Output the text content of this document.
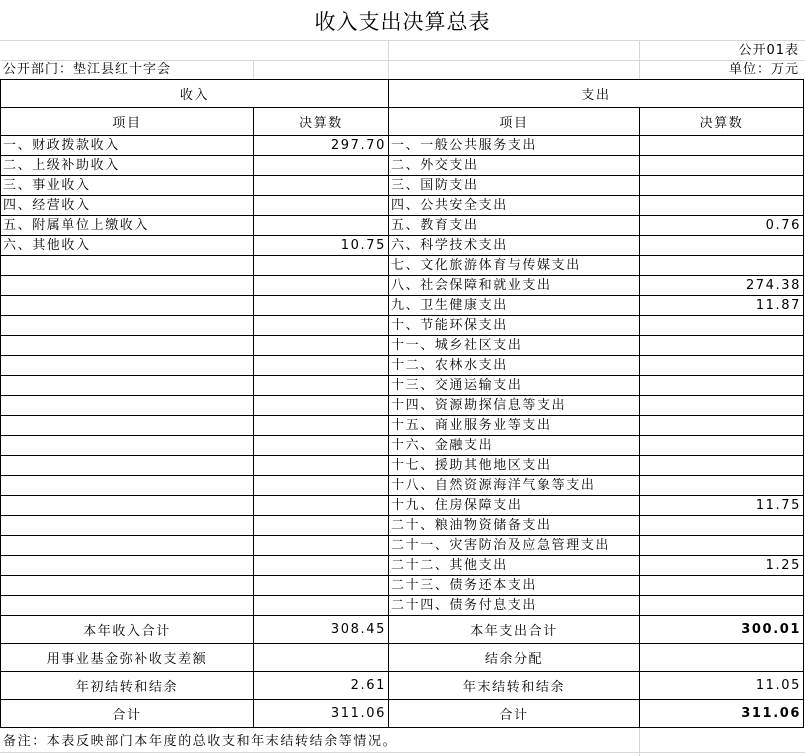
收入支出决算总表
公开01表
公开部门：垫江县红十字会	单位：万元
收入		支出	
项目	决算数	项目	决算数
一、财政拨款收入	297.70	一、一般公共服务支出	
二、上级补助收入		二、外交支出	
三、事业收入		三、国防支出	
四、经营收入		四、公共安全支出	
五、附属单位上缴收入		五、教育支出	0.76
六、其他收入	10.75	六、科学技术支出	
		七、文化旅游体育与传媒支出	
		八、社会保障和就业支出	274.38
		九、卫生健康支出	11.87
		十、节能环保支出	
		十一、城乡社区支出	
		十二、农林水支出	
		十三、交通运输支出	
		十四、资源勘探信息等支出	
		十五、商业服务业等支出	
		十六、金融支出	
		十七、援助其他地区支出	
		十八、自然资源海洋气象等支出	
		十九、住房保障支出	11.75
		二十、粮油物资储备支出	
		二十一、灾害防治及应急管理支出	
		二十二、其他支出	1.25
		二十三、债务还本支出	
		二十四、债务付息支出	
本年收入合计	308.45	本年支出合计	300.01
用事业基金弥补收支差额		结余分配	
年初结转和结余	2.61	年末结转和结余	11.05
合计	311.06	合计	311.06
备注：本表反映部门本年度的总收支和年末结转结余等情况。
